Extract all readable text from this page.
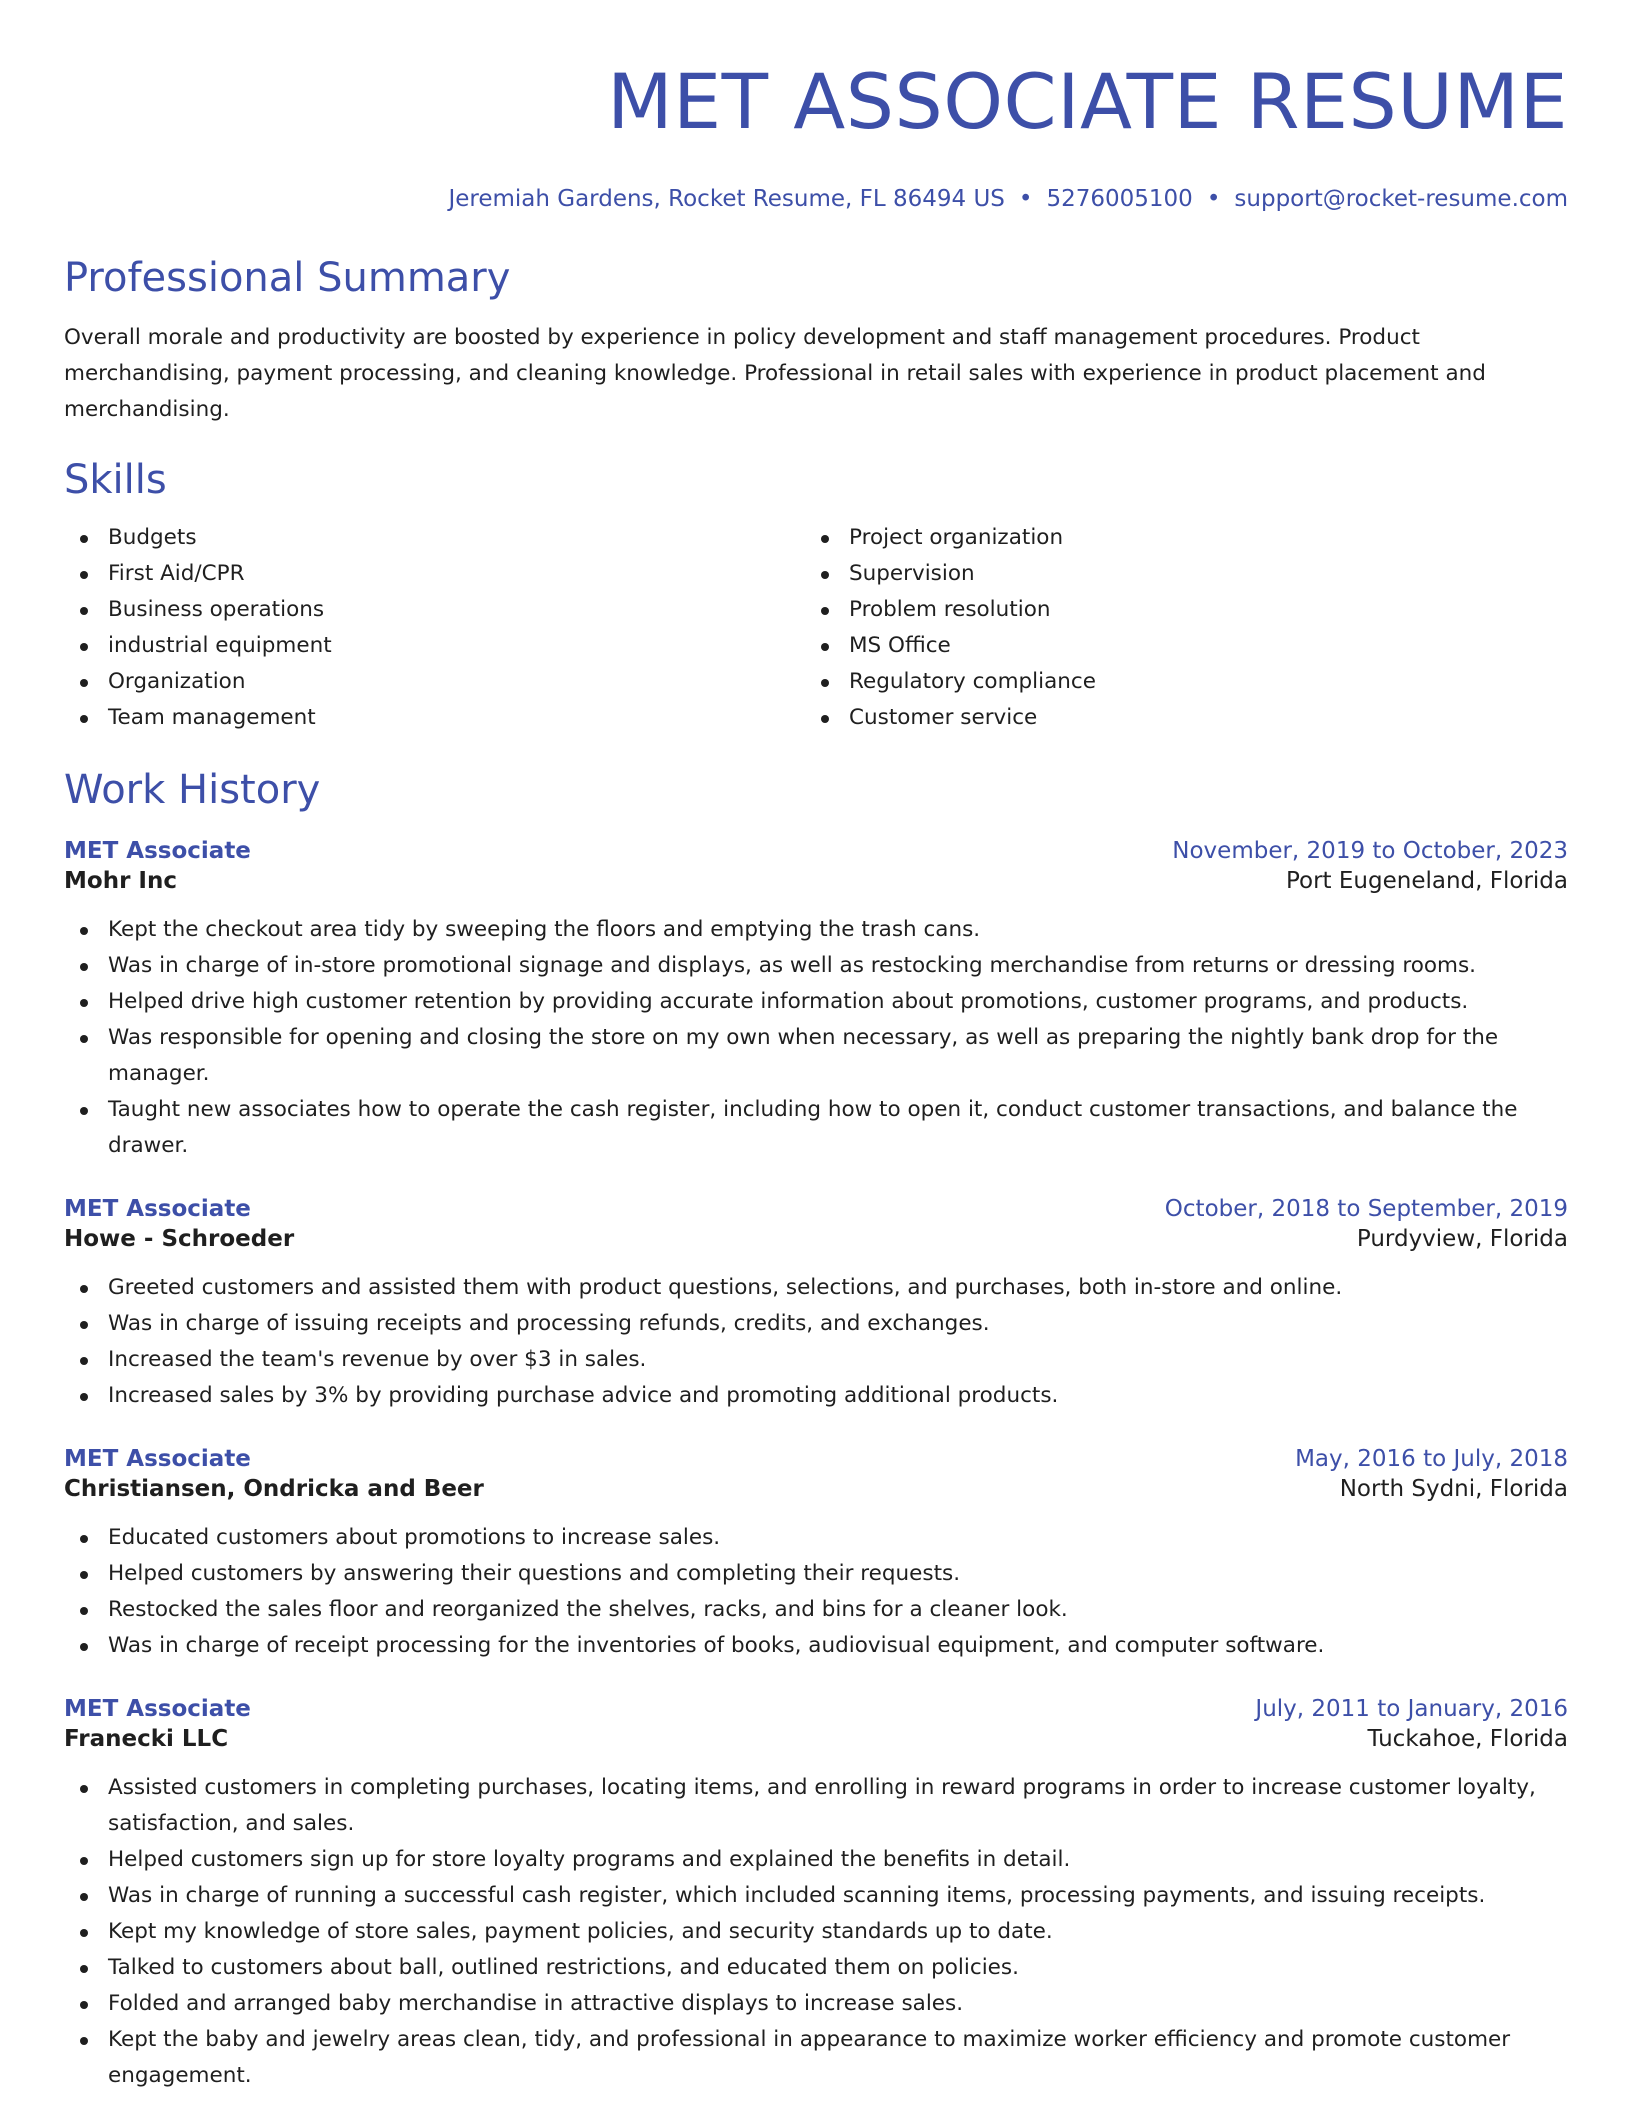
MET ASSOCIATE RESUME
Jeremiah Gardens, Rocket Resume, FL 86494 US • 5276005100 • support@rocket-resume.com
Professional Summary
Overall morale and productivity are boosted by experience in policy development and staff management procedures. Product merchandising, payment processing, and cleaning knowledge. Professional in retail sales with experience in product placement and merchandising.
Skills
Budgets
First Aid/CPR
Business operations
industrial equipment
Organization
Team management
Project organization
Supervision
Problem resolution
MS Office
Regulatory compliance
Customer service
Work History
MET Associate	November, 2019 to October, 2023
Mohr Inc	Port Eugeneland, Florida
Kept the checkout area tidy by sweeping the floors and emptying the trash cans.
Was in charge of in-store promotional signage and displays, as well as restocking merchandise from returns or dressing rooms.
Helped drive high customer retention by providing accurate information about promotions, customer programs, and products.
Was responsible for opening and closing the store on my own when necessary, as well as preparing the nightly bank drop for the manager.
Taught new associates how to operate the cash register, including how to open it, conduct customer transactions, and balance the drawer.
MET Associate	October, 2018 to September, 2019
Howe - Schroeder	Purdyview, Florida
Greeted customers and assisted them with product questions, selections, and purchases, both in-store and online.
Was in charge of issuing receipts and processing refunds, credits, and exchanges.
Increased the team's revenue by over $3 in sales.
Increased sales by 3% by providing purchase advice and promoting additional products.
MET Associate	May, 2016 to July, 2018
Christiansen, Ondricka and Beer	North Sydni, Florida
Educated customers about promotions to increase sales.
Helped customers by answering their questions and completing their requests.
Restocked the sales floor and reorganized the shelves, racks, and bins for a cleaner look.
Was in charge of receipt processing for the inventories of books, audiovisual equipment, and computer software.
MET Associate	July, 2011 to January, 2016
Franecki LLC	Tuckahoe, Florida
Assisted customers in completing purchases, locating items, and enrolling in reward programs in order to increase customer loyalty, satisfaction, and sales.
Helped customers sign up for store loyalty programs and explained the benefits in detail.
Was in charge of running a successful cash register, which included scanning items, processing payments, and issuing receipts.
Kept my knowledge of store sales, payment policies, and security standards up to date.
Talked to customers about ball, outlined restrictions, and educated them on policies.
Folded and arranged baby merchandise in attractive displays to increase sales.
Kept the baby and jewelry areas clean, tidy, and professional in appearance to maximize worker efficiency and promote customer engagement.
